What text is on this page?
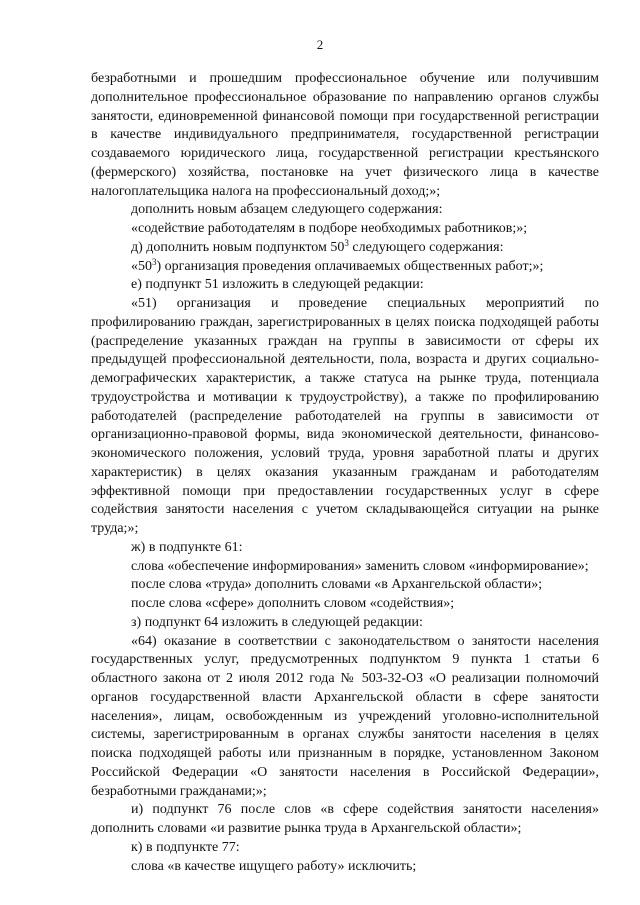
2

безработными и прошедшим профессиональное обучение или получившим дополнительное профессиональное образование по направлению органов службы занятости, единовременной финансовой помощи при государственной регистрации в качестве индивидуального предпринимателя, государственной регистрации создаваемого юридического лица, государственной регистрации крестьянского (фермерского) хозяйства, постановке на учет физического лица в качестве налогоплательщика налога на профессиональный доход;»;

дополнить новым абзацем следующего содержания:

«содействие работодателям в подборе необходимых работников;»;

д) дополнить новым подпунктом $50^3$ следующего содержания:

«$50^3$) организация проведения оплачиваемых общественных работ;»;

е) подпункт 51 изложить в следующей редакции:

«51) организация и проведение специальных мероприятий по профилированию граждан, зарегистрированных в целях поиска подходящей работы (распределение указанных граждан на группы в зависимости от сферы их предыдущей профессиональной деятельности, пола, возраста и других социально-демографических характеристик, а также статуса на рынке труда, потенциала трудоустройства и мотивации к трудоустройству), а также по профилированию работодателей (распределение работодателей на группы в зависимости от организационно-правовой формы, вида экономической деятельности, финансово-экономического положения, условий труда, уровня заработной платы и других характеристик) в целях оказания указанным гражданам и работодателям эффективной помощи при предоставлении государственных услуг в сфере содействия занятости населения с учетом складывающейся ситуации на рынке труда;»;

ж) в подпункте 61:

слова «обеспечение информирования» заменить словом «информирование»;

после слова «труда» дополнить словами «в Архангельской области»;

после слова «сфере» дополнить словом «содействия»;

з) подпункт 64 изложить в следующей редакции:

«64) оказание в соответствии с законодательством о занятости населения государственных услуг, предусмотренных подпунктом 9 пункта 1 статьи 6 областного закона от 2 июля 2012 года № 503-32-ОЗ «О реализации полномочий органов государственной власти Архангельской области в сфере занятости населения», лицам, освобожденным из учреждений уголовно-исполнительной системы, зарегистрированным в органах службы занятости населения в целях поиска подходящей работы или признанным в порядке, установленном Законом Российской Федерации «О занятости населения в Российской Федерации», безработными гражданами;»;

и) подпункт 76 после слов «в сфере содействия занятости населения» дополнить словами «и развитие рынка труда в Архангельской области»;

к) в подпункте 77:

слова «в качестве ищущего работу» исключить;
